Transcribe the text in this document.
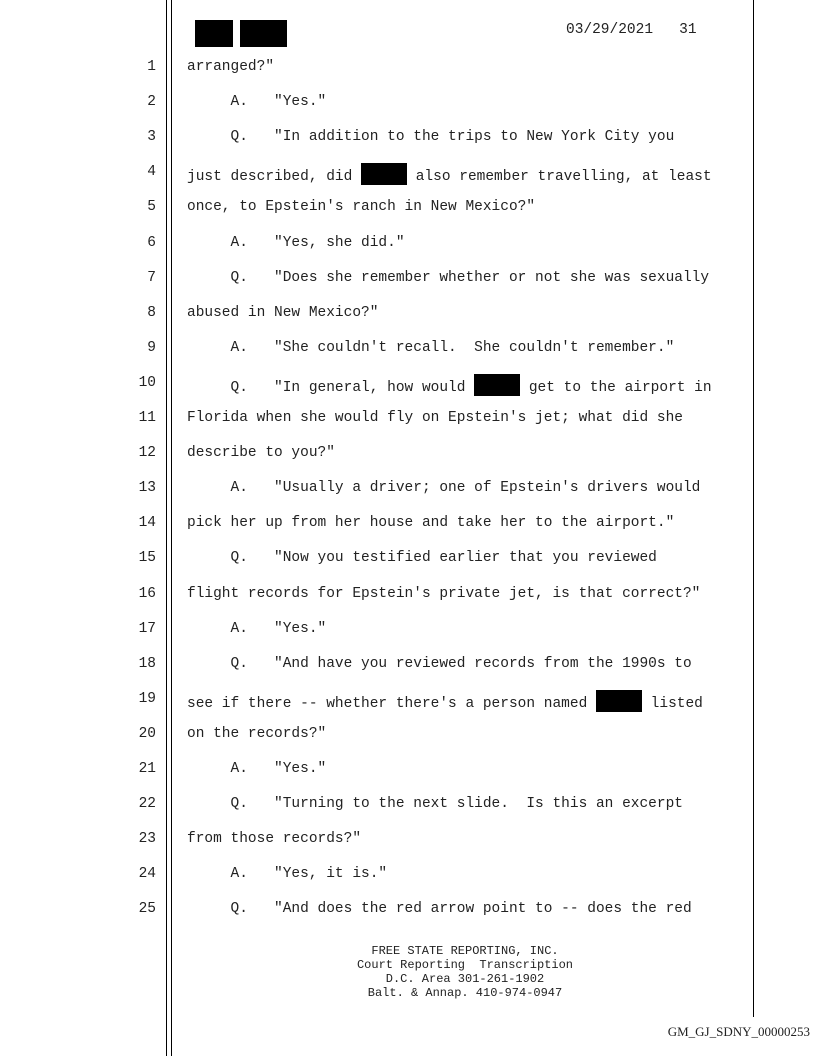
03/29/2021 31
1 arranged?"
2 A.   "Yes."
3 Q.   "In addition to the trips to New York City you
4 just described, did	also remember travelling, at least
5 once, to Epstein's ranch in New Mexico?"
6 A.   "Yes, she did."
7 Q.   "Does she remember whether or not she was sexually
8 abused in New Mexico?"
9 A.   "She couldn't recall.  She couldn't remember."
10 Q.   "In general, how would	get to the airport in
11 Florida when she would fly on Epstein's jet; what did she
12 describe to you?"
13 A.   "Usually a driver; one of Epstein's drivers would
14 pick her up from her house and take her to the airport."
15 Q.   "Now you testified earlier that you reviewed
16 flight records for Epstein's private jet, is that correct?"
17 A.   "Yes."
18 Q.   "And have you reviewed records from the 1990s to
19 see if there -- whether there's a person named	listed
20 on the records?"
21 A.   "Yes."
22 Q.   "Turning to the next slide.  Is this an excerpt
23 from those records?"
24 A.   "Yes, it is."
25 Q.   "And does the red arrow point to -- does the red
FREE STATE REPORTING, INC.
Court Reporting  Transcription
D.C. Area 301-261-1902
Balt. & Annap. 410-974-0947
GM_GJ_SDNY_00000253
